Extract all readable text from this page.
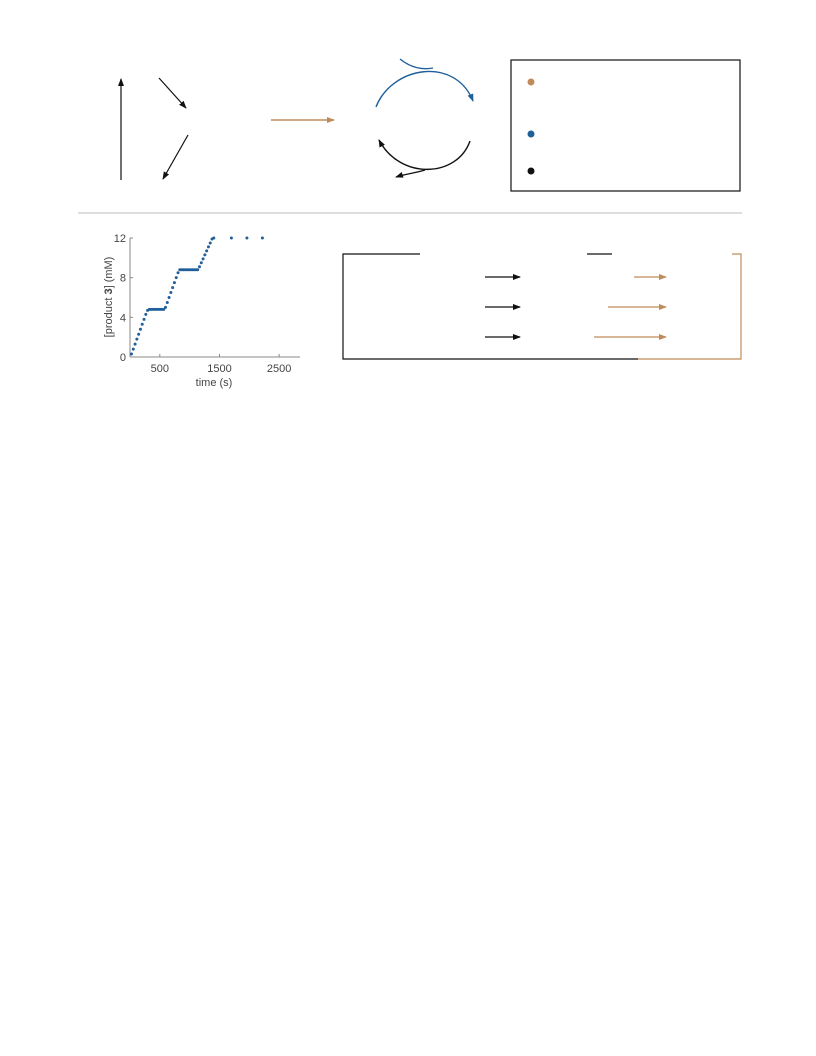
500	1500	2500
0
4
8
12
time (s)
[product 3] (mM)
